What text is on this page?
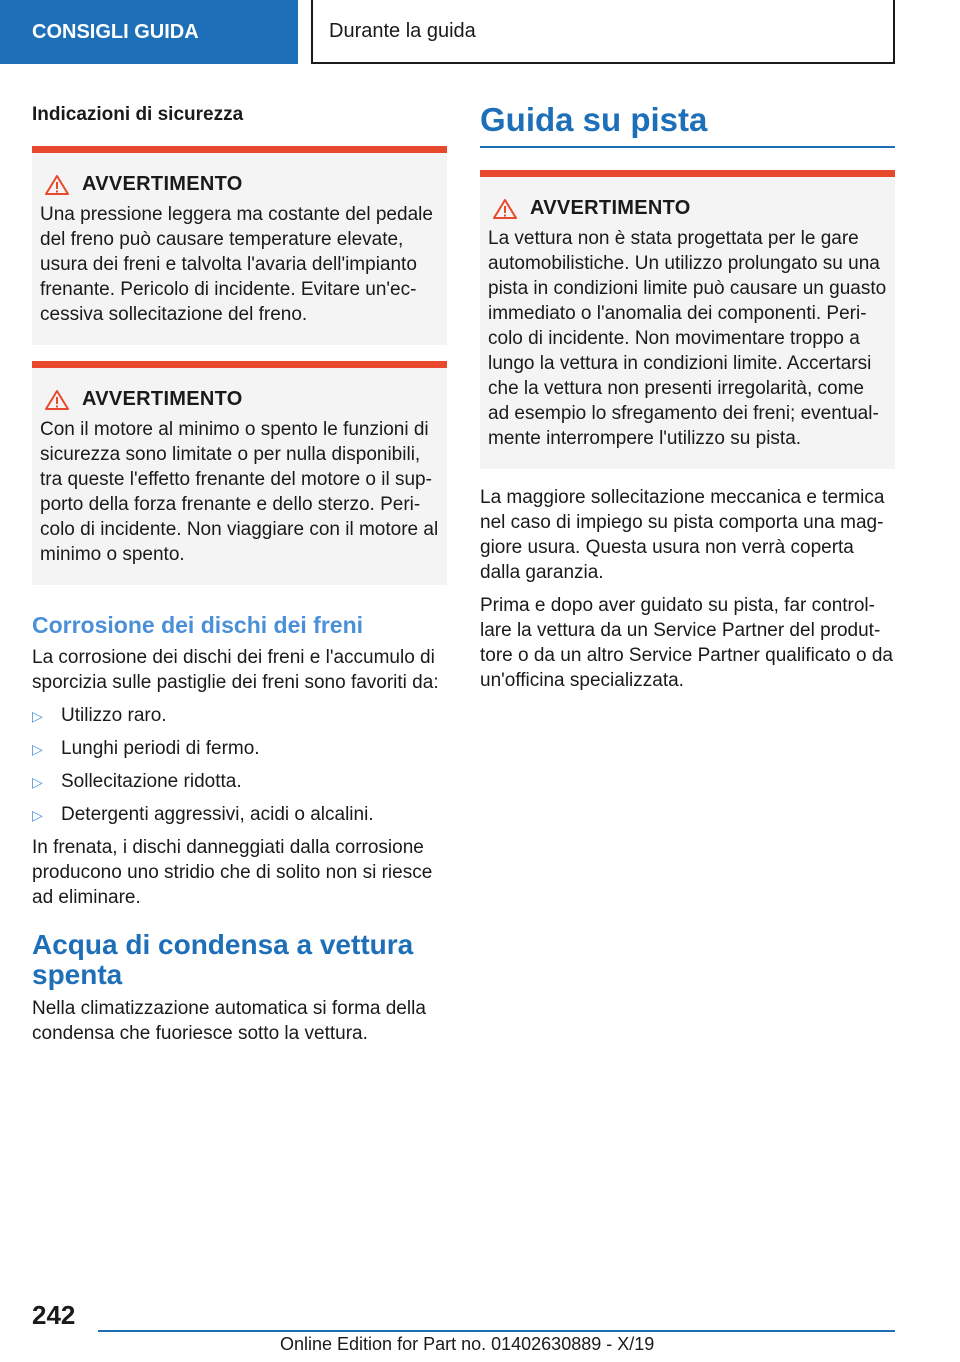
CONSIGLI GUIDA	Durante la guida
Indicazioni di sicurezza
AVVERTIMENTO
Una pressione leggera ma costante del pedale del freno può causare temperature elevate, usura dei freni e talvolta l'avaria dell'impianto frenante. Pericolo di incidente. Evitare un'ec- cessiva sollecitazione del freno.
AVVERTIMENTO
Con il motore al minimo o spento le funzioni di sicurezza sono limitate o per nulla disponibili, tra queste l'effetto frenante del motore o il sup- porto della forza frenante e dello sterzo. Peri- colo di incidente. Non viaggiare con il motore al minimo o spento.
Corrosione dei dischi dei freni

La corrosione dei dischi dei freni e l'accumulo di sporcizia sulle pastiglie dei freni sono favoriti da:

▷ Utilizzo raro.
▷ Lunghi periodi di fermo.
▷ Sollecitazione ridotta.
▷ Detergenti aggressivi, acidi o alcalini.

In frenata, i dischi danneggiati dalla corrosione producono uno stridio che di solito non si riesce ad eliminare.

Acqua di condensa a vettura spenta

Nella climatizzazione automatica si forma della condensa che fuoriesce sotto la vettura.

Guida su pista
AVVERTIMENTO
La vettura non è stata progettata per le gare automobilistiche. Un utilizzo prolungato su una pista in condizioni limite può causare un guasto immediato o l'anomalia dei componenti. Peri- colo di incidente. Non movimentare troppo a lungo la vettura in condizioni limite. Accertarsi che la vettura non presenti irregolarità, come ad esempio lo sfregamento dei freni; eventual- mente interrompere l'utilizzo su pista.

La maggiore sollecitazione meccanica e termica nel caso di impiego su pista comporta una mag- giore usura. Questa usura non verrà coperta dalla garanzia.

Prima e dopo aver guidato su pista, far control- lare la vettura da un Service Partner del produt- tore o da un altro Service Partner qualificato o da un'officina specializzata.

242
Online Edition for Part no. 01402630889 - X/19
